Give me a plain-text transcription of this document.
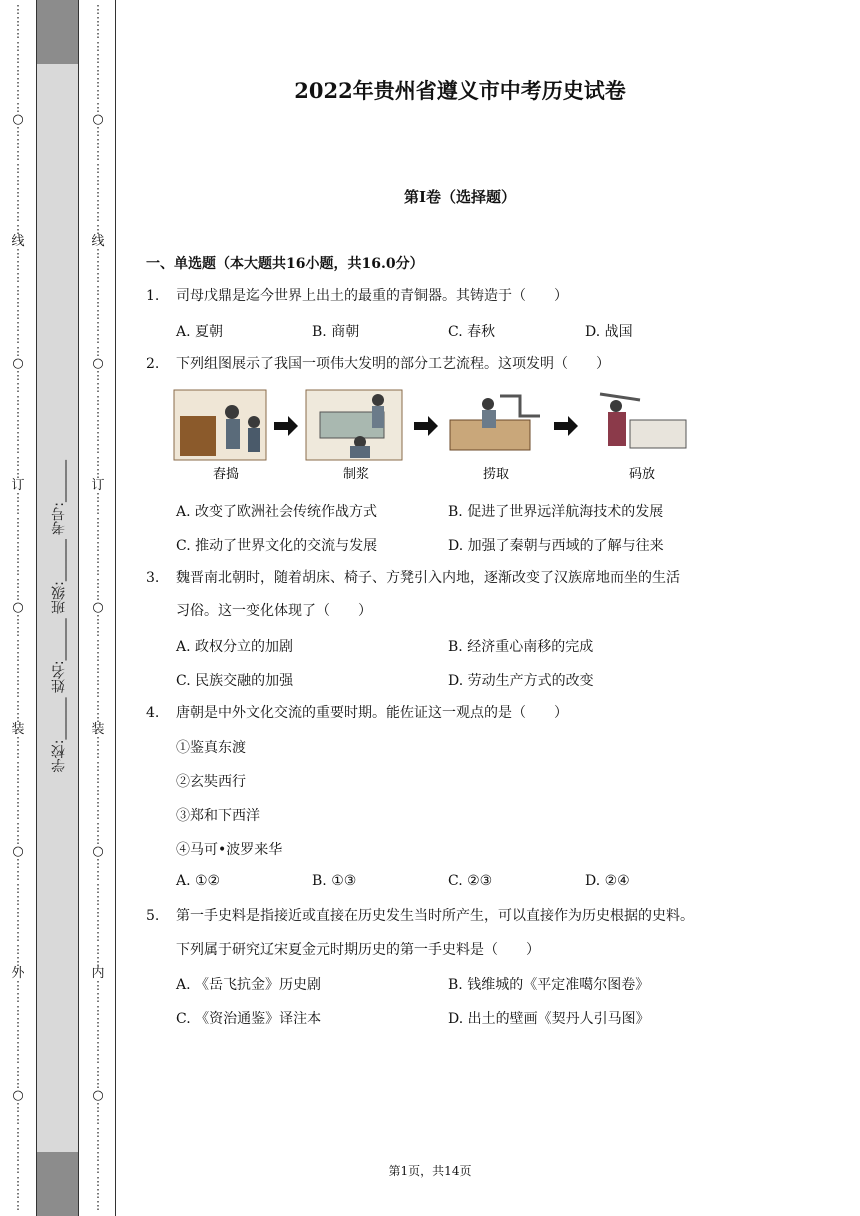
⋮
⋮
⋮
⋮
⋮
⋮
⋮
⋮
⋮
○
⋮
⋮
⋮
⋮
⋮
⋮
⋮
⋮
⋮
线
⋮
⋮
⋮
⋮
⋮
⋮
⋮
⋮
⋮
○
⋮
⋮
⋮
⋮
⋮
⋮
⋮
⋮
⋮
订
⋮
⋮
⋮
⋮
⋮
⋮
⋮
⋮
⋮
○
⋮
⋮
⋮
⋮
⋮
⋮
⋮
⋮
⋮
装
⋮
⋮
⋮
⋮
⋮
⋮
⋮
⋮
⋮
○
⋮
⋮
⋮
⋮
⋮
⋮
⋮
⋮
⋮
外
⋮
⋮
⋮
⋮
⋮
⋮
⋮
⋮
⋮
○
⋮
⋮
⋮
⋮
⋮
⋮
⋮
⋮
⋮
学校:______ 姓名:______ 班级:______ 考号:______
⋮
⋮
⋮
⋮
⋮
⋮
⋮
⋮
⋮
○
⋮
⋮
⋮
⋮
⋮
⋮
⋮
⋮
⋮
线
⋮
⋮
⋮
⋮
⋮
⋮
⋮
⋮
⋮
○
⋮
⋮
⋮
⋮
⋮
⋮
⋮
⋮
⋮
订
⋮
⋮
⋮
⋮
⋮
⋮
⋮
⋮
⋮
○
⋮
⋮
⋮
⋮
⋮
⋮
⋮
⋮
⋮
装
⋮
⋮
⋮
⋮
⋮
⋮
⋮
⋮
⋮
○
⋮
⋮
⋮
⋮
⋮
⋮
⋮
⋮
⋮
内
⋮
⋮
⋮
⋮
⋮
⋮
⋮
⋮
⋮
○
⋮
⋮
⋮
⋮
⋮
⋮
⋮
⋮
⋮
2022年贵州省遵义市中考历史试卷
第I卷（选择题）
一、单选题（本大题共16小题，共16.0分）
1. 司母戊鼎是迄今世界上出土的最重的青铜器。其铸造于（　　）
A. 夏朝	B. 商朝	C. 春秋	D. 战国
2. 下列组图展示了我国一项伟大发明的部分工艺流程。这项发明（　　）
舂捣	制浆	捞取	码放
A. 改变了欧洲社会传统作战方式	B. 促进了世界远洋航海技术的发展
C. 推动了世界文化的交流与发展	D. 加强了秦朝与西域的了解与往来
3. 魏晋南北朝时，随着胡床、椅子、方凳引入内地，逐渐改变了汉族席地而坐的生活
习俗。这一变化体现了（　　）
A. 政权分立的加剧	B. 经济重心南移的完成
C. 民族交融的加强	D. 劳动生产方式的改变
4. 唐朝是中外文化交流的重要时期。能佐证这一观点的是（　　）
①鉴真东渡
②玄奘西行
③郑和下西洋
④马可•波罗来华
A. ①②	B. ①③	C. ②③	D. ②④
5. 第一手史料是指接近或直接在历史发生当时所产生，可以直接作为历史根据的史料。
下列属于研究辽宋夏金元时期历史的第一手史料是（　　）
A. 《岳飞抗金》历史剧	B. 钱维城的《平定准噶尔图卷》
C. 《资治通鉴》译注本	D. 出土的壁画《契丹人引马图》
第1页，共14页
